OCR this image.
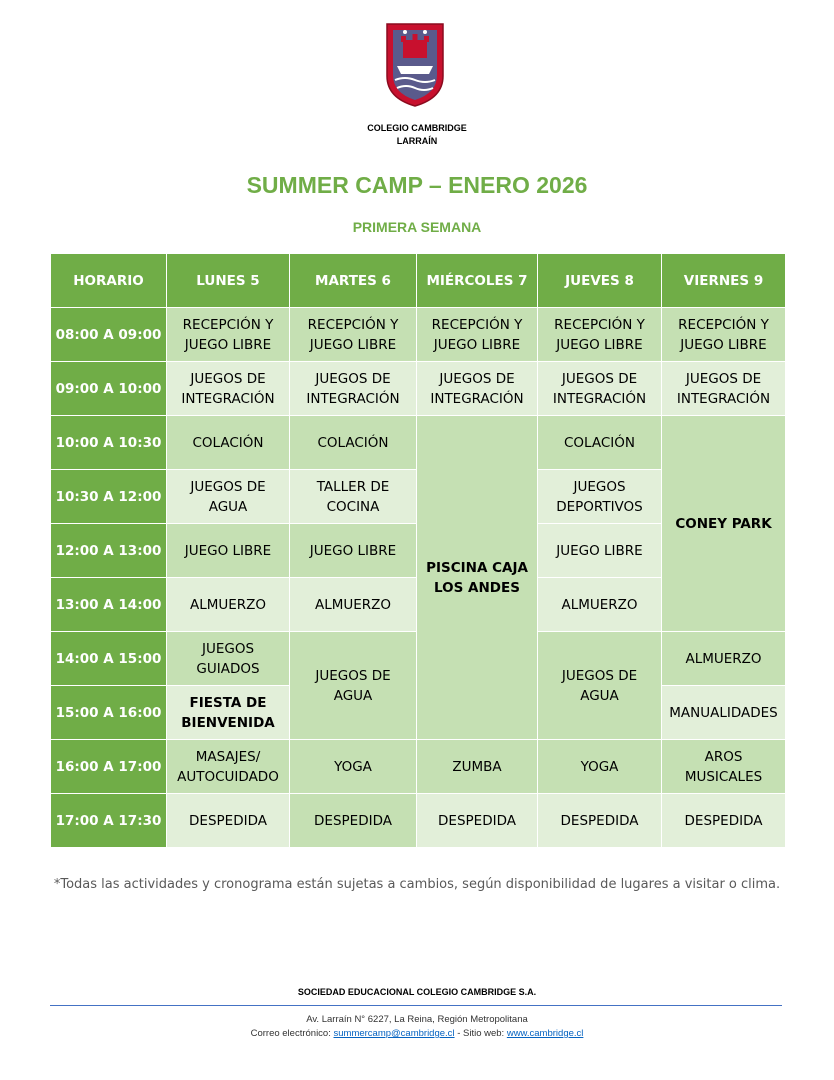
COLEGIO CAMBRIDGE
LARRAÍN
SUMMER CAMP – ENERO 2026
PRIMERA SEMANA
HORARIO	LUNES 5	MARTES 6	MIÉRCOLES 7	JUEVES 8	VIERNES 9
08:00 A 09:00	RECEPCIÓN Y JUEGO LIBRE	RECEPCIÓN Y JUEGO LIBRE	RECEPCIÓN Y JUEGO LIBRE	RECEPCIÓN Y JUEGO LIBRE	RECEPCIÓN Y JUEGO LIBRE
09:00 A 10:00	JUEGOS DE INTEGRACIÓN	JUEGOS DE INTEGRACIÓN	JUEGOS DE INTEGRACIÓN	JUEGOS DE INTEGRACIÓN	JUEGOS DE INTEGRACIÓN
10:00 A 10:30	COLACIÓN	COLACIÓN	PISCINA CAJA LOS ANDES	COLACIÓN	CONEY PARK
10:30 A 12:00	JUEGOS DE AGUA	TALLER DE COCINA		JUEGOS DEPORTIVOS	
12:00 A 13:00	JUEGO LIBRE	JUEGO LIBRE		JUEGO LIBRE	
13:00 A 14:00	ALMUERZO	ALMUERZO		ALMUERZO	
14:00 A 15:00	JUEGOS GUIADOS	JUEGOS DE AGUA		JUEGOS DE AGUA	ALMUERZO
15:00 A 16:00	FIESTA DE BIENVENIDA				MANUALIDADES
16:00 A 17:00	MASAJES/ AUTOCUIDADO	YOGA	ZUMBA	YOGA	AROS MUSICALES
17:00 A 17:30	DESPEDIDA	DESPEDIDA	DESPEDIDA	DESPEDIDA	DESPEDIDA
*Todas las actividades y cronograma están sujetas a cambios, según disponibilidad de lugares a visitar o clima.
SOCIEDAD EDUCACIONAL COLEGIO CAMBRIDGE S.A.
Av. Larraín N° 6227, La Reina, Región Metropolitana
Correo electrónico: summercamp@cambridge.cl - Sitio web: www.cambridge.cl
